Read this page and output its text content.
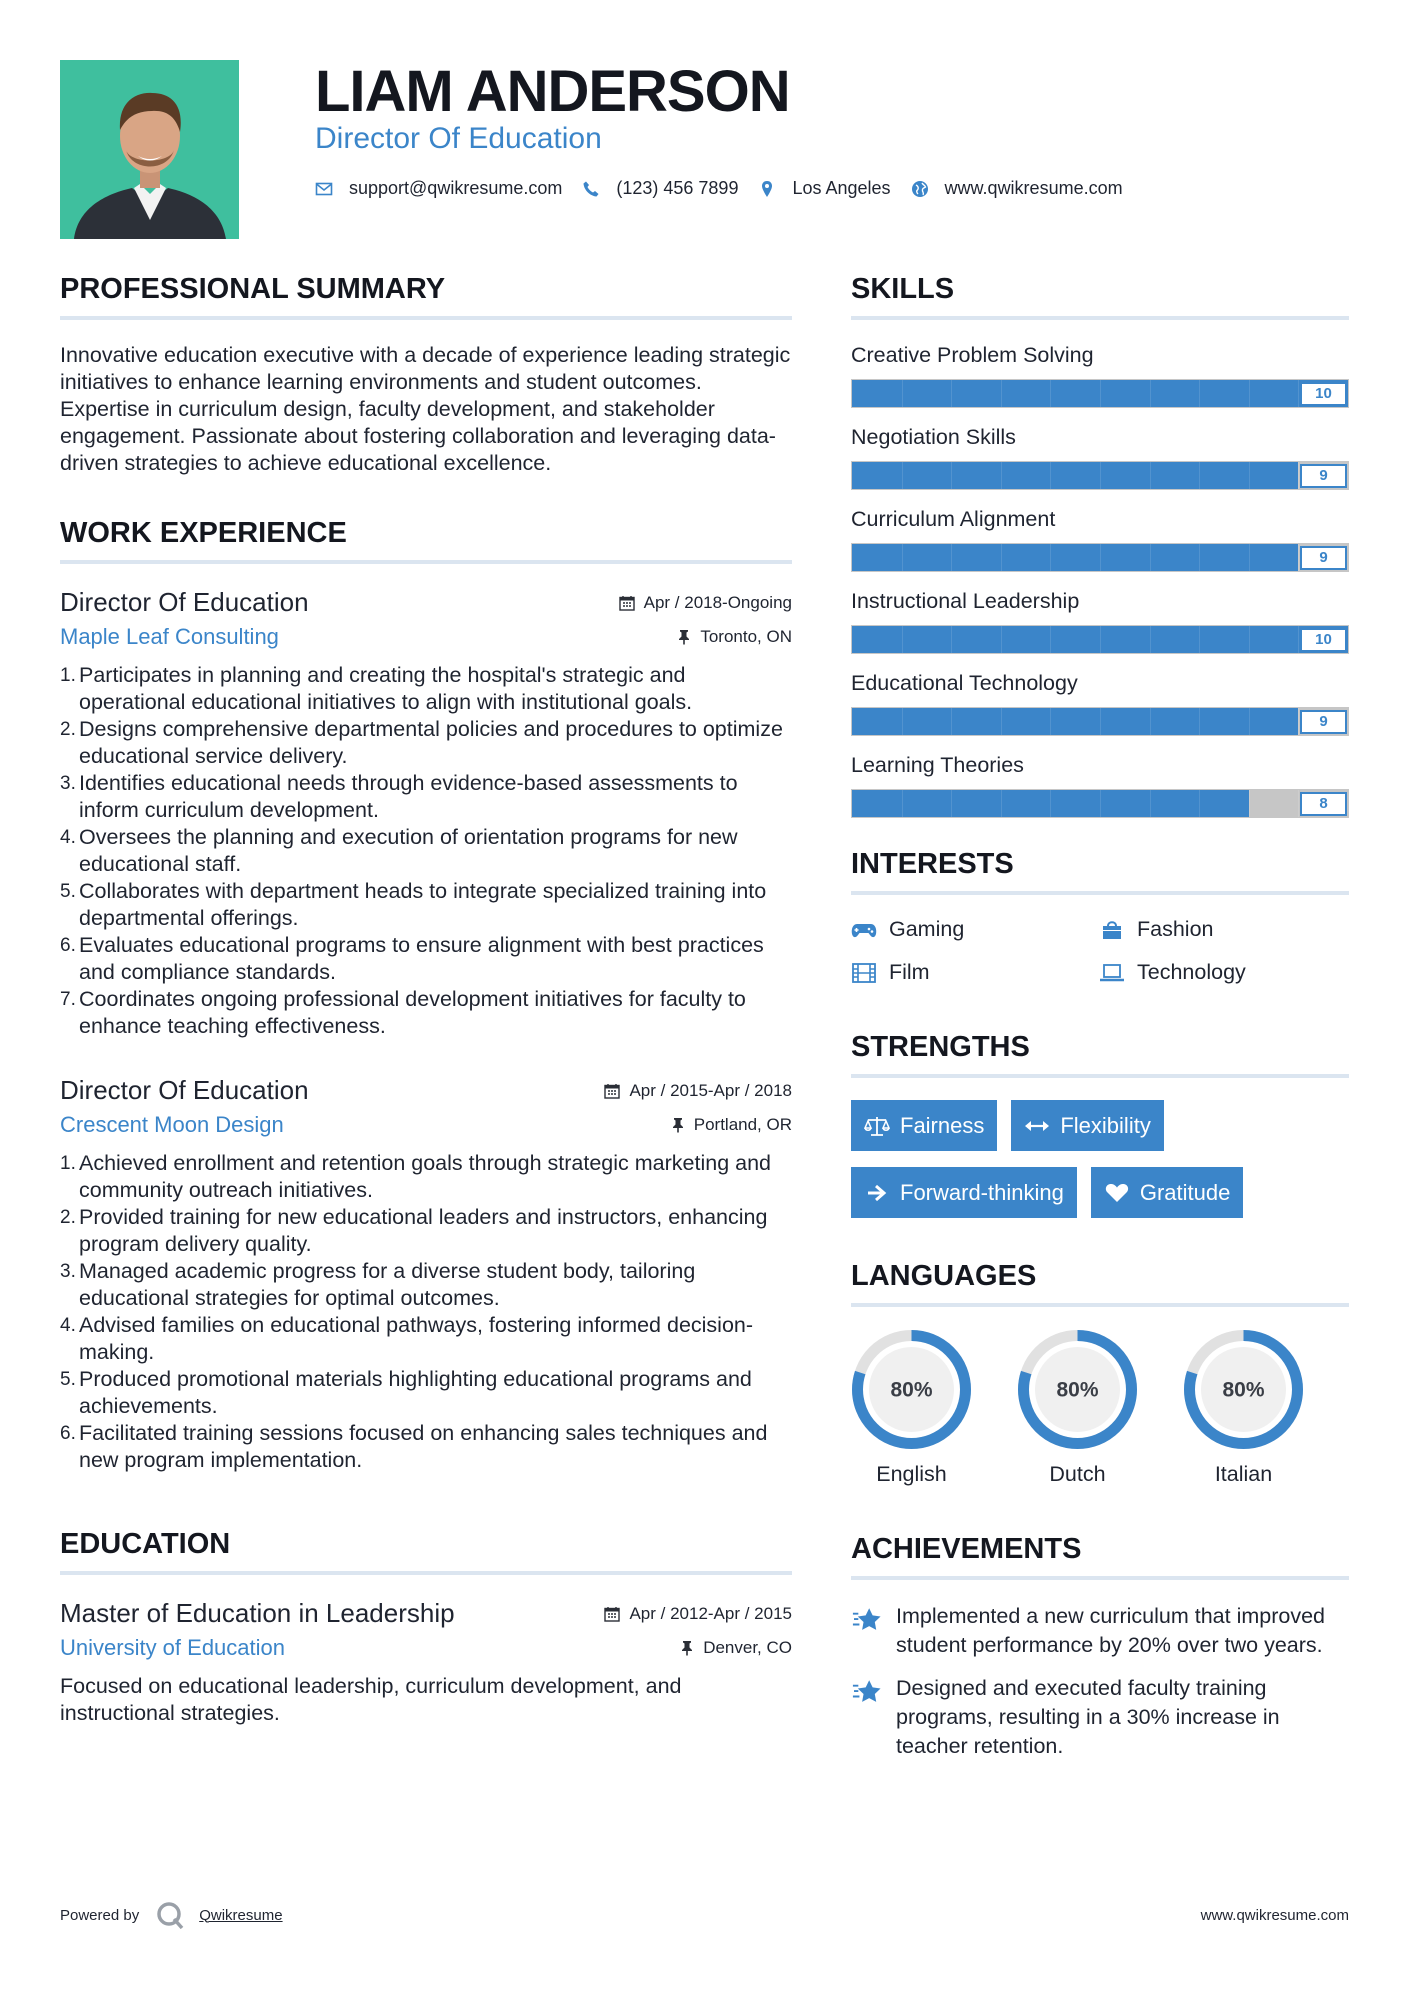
LIAM ANDERSON
Director Of Education
support@qwikresume.com	(123) 456 7899	Los Angeles	www.qwikresume.com
PROFESSIONAL SUMMARY

Innovative education executive with a decade of experience leading strategic initiatives to enhance learning environments and student outcomes. Expertise in curriculum design, faculty development, and stakeholder engagement. Passionate about fostering collaboration and leveraging data-driven strategies to achieve educational excellence.

WORK EXPERIENCE
Director Of Education	Apr / 2018-Ongoing
Maple Leaf Consulting	Toronto, ON
1. Participates in planning and creating the hospital's strategic and operational educational initiatives to align with institutional goals.
2. Designs comprehensive departmental policies and procedures to optimize educational service delivery.
3. Identifies educational needs through evidence-based assessments to inform curriculum development.
4. Oversees the planning and execution of orientation programs for new educational staff.
5. Collaborates with department heads to integrate specialized training into departmental offerings.
6. Evaluates educational programs to ensure alignment with best practices and compliance standards.
7. Coordinates ongoing professional development initiatives for faculty to enhance teaching effectiveness.
Director Of Education	Apr / 2015-Apr / 2018
Crescent Moon Design	Portland, OR
1. Achieved enrollment and retention goals through strategic marketing and community outreach initiatives.
2. Provided training for new educational leaders and instructors, enhancing program delivery quality.
3. Managed academic progress for a diverse student body, tailoring educational strategies for optimal outcomes.
4. Advised families on educational pathways, fostering informed decision-making.
5. Produced promotional materials highlighting educational programs and achievements.
6. Facilitated training sessions focused on enhancing sales techniques and new program implementation.
EDUCATION
Master of Education in Leadership	Apr / 2012-Apr / 2015
University of Education	Denver, CO

Focused on educational leadership, curriculum development, and instructional strategies.

SKILLS
Creative Problem Solving
10
Negotiation Skills
9
Curriculum Alignment
9
Instructional Leadership
10
Educational Technology
9
Learning Theories
8
INTERESTS
Gaming	Fashion
Film	Technology
STRENGTHS
Fairness	Flexibility
Forward-thinking	Gratitude
LANGUAGES
80%
English
80%
Dutch
80%
Italian
ACHIEVEMENTS
Implemented a new curriculum that improved student performance by 20% over two years.
Designed and executed faculty training programs, resulting in a 30% increase in teacher retention.
Powered by	Qwikresume	www.qwikresume.com
